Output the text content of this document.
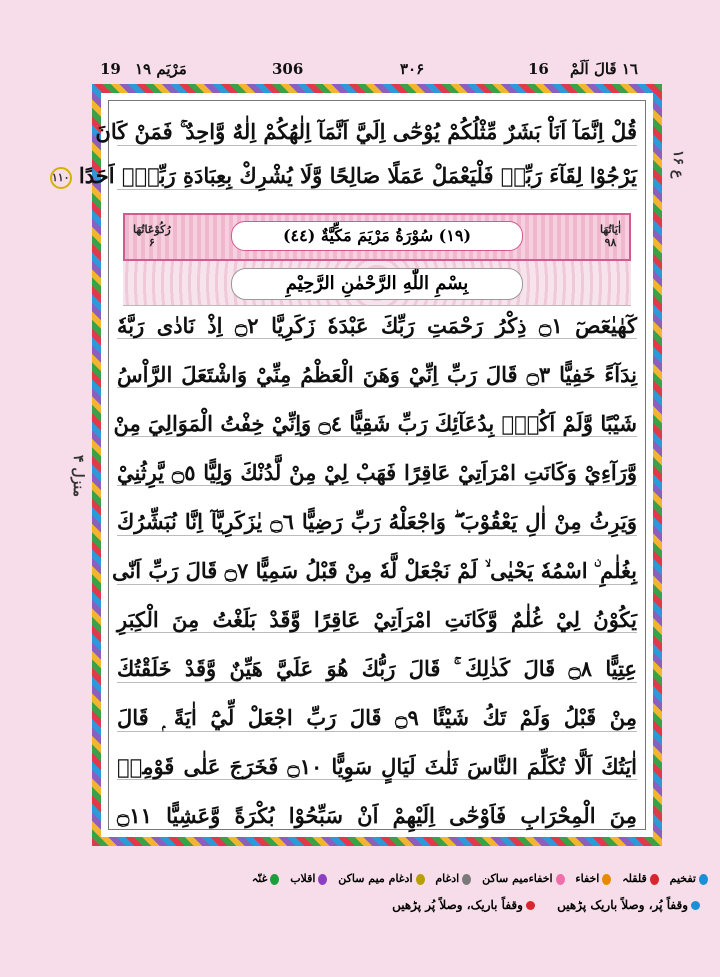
19 ۱۹ مَرْیَم	306	۳۰۶	16 ١٦ قَالَ اَلَمْ
ع ۱۶
منزل ۴
قُلْ اِنَّمَآ اَنَاْ بَشَرٌ مِّثْلُكُمْ يُوْحٰٓى اِلَيَّ اَنَّمَآ اِلٰهُكُمْ اِلٰهٌ وَّاحِدٌ ۚ فَمَنْ كَانَ
يَرْجُوْا لِقَآءَ رَبِّهٖ فَلْيَعْمَلْ عَمَلًا صَالِحًا وَّلَا يُشْرِكْ بِعِبَادَةِ رَبِّهٖٓ اَحَدًا ۱۱۰
اٰيَاتُهَا
۹۸
(١٩) سُوْرَةُ مَرْيَمَ مَكِّيَّةٌ (٤٤)
رُكُوْعَاتُهَا
۶
بِسْمِ اللّٰهِ الرَّحْمٰنِ الرَّحِيْمِ
كٓهٰيٰعٓصٓ ۝١ ذِكْرُ رَحْمَتِ رَبِّكَ عَبْدَهٗ زَكَرِيَّا ۝٢ اِذْ نَادٰى رَبَّهٗ
نِدَآءً خَفِيًّا ۝٣ قَالَ رَبِّ اِنِّيْ وَهَنَ الْعَظْمُ مِنِّيْ وَاشْتَعَلَ الرَّاْسُ
شَيْبًا وَّلَمْ اَكُنْۢ بِدُعَآئِكَ رَبِّ شَقِيًّا ۝٤ وَاِنِّيْ خِفْتُ الْمَوَالِيَ مِنْ
وَّرَآءِيْ وَكَانَتِ امْرَاَتِيْ عَاقِرًا فَهَبْ لِيْ مِنْ لَّدُنْكَ وَلِيًّا ۝٥ يَّرِثُنِيْ
وَيَرِثُ مِنْ اٰلِ يَعْقُوْبَ ۖ وَاجْعَلْهُ رَبِّ رَضِيًّا ۝٦ يٰزَكَرِيَّآ اِنَّا نُبَشِّرُكَ
بِغُلٰمِ ۨ اسْمُهٗ يَحْيٰى ۙ لَمْ نَجْعَلْ لَّهٗ مِنْ قَبْلُ سَمِيًّا ۝٧ قَالَ رَبِّ اَنّٰى
يَكُوْنُ لِيْ غُلٰمٌ وَّكَانَتِ امْرَاَتِيْ عَاقِرًا وَّقَدْ بَلَغْتُ مِنَ الْكِبَرِ
عِتِيًّا ۝٨ قَالَ كَذٰلِكَ ۚ قَالَ رَبُّكَ هُوَ عَلَيَّ هَيِّنٌ وَّقَدْ خَلَقْتُكَ
مِنْ قَبْلُ وَلَمْ تَكُ شَيْئًا ۝٩ قَالَ رَبِّ اجْعَلْ لِّيْٓ اٰيَةً ۭ قَالَ
اٰيَتُكَ اَلَّا تُكَلِّمَ النَّاسَ ثَلٰثَ لَيَالٍ سَوِيًّا ۝١٠ فَخَرَجَ عَلٰى قَوْمِهٖ
مِنَ الْمِحْرَابِ فَاَوْحٰٓى اِلَيْهِمْ اَنْ سَبِّحُوْا بُكْرَةً وَّعَشِيًّا ۝١١
تفخیم قلقلہ اخفاء اخفاءمیم ساکن ادغام ادغام میم ساکن اقلاب غنّہ
وقفاً پُر، وصلاً باریک پڑھیں وقفاً باریک، وصلاً پُر پڑھیں
